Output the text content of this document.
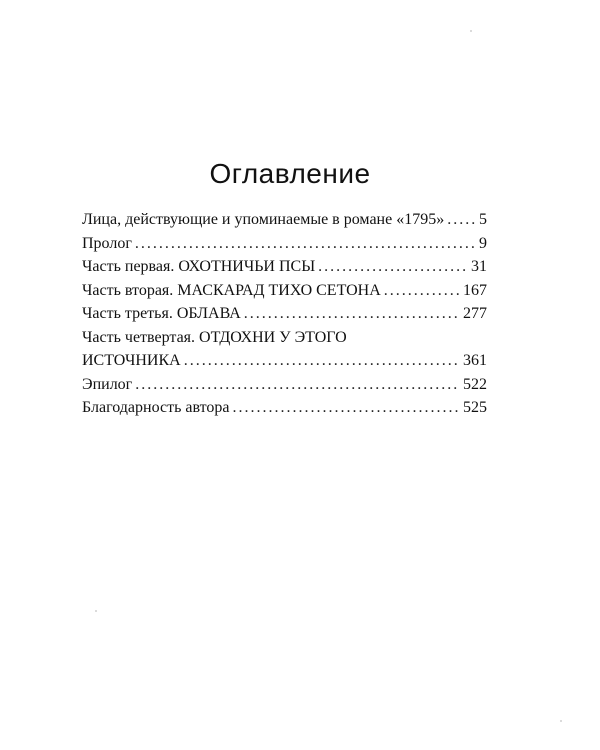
Оглавление
Лица, действующие и упоминаемые в романе «1795» . . . 5
Пролог . . .	9
Часть первая. ОХОТНИЧЬИ ПСЫ . . .	31
Часть вторая. МАСКАРАД ТИХО СЕТОНА . . .	167
Часть третья. ОБЛАВА . . .	277
Часть четвертая. ОТДОХНИ У ЭТОГО
ИСТОЧНИКА . . .	361
Эпилог . . .	522
Благодарность автора . . .	525
